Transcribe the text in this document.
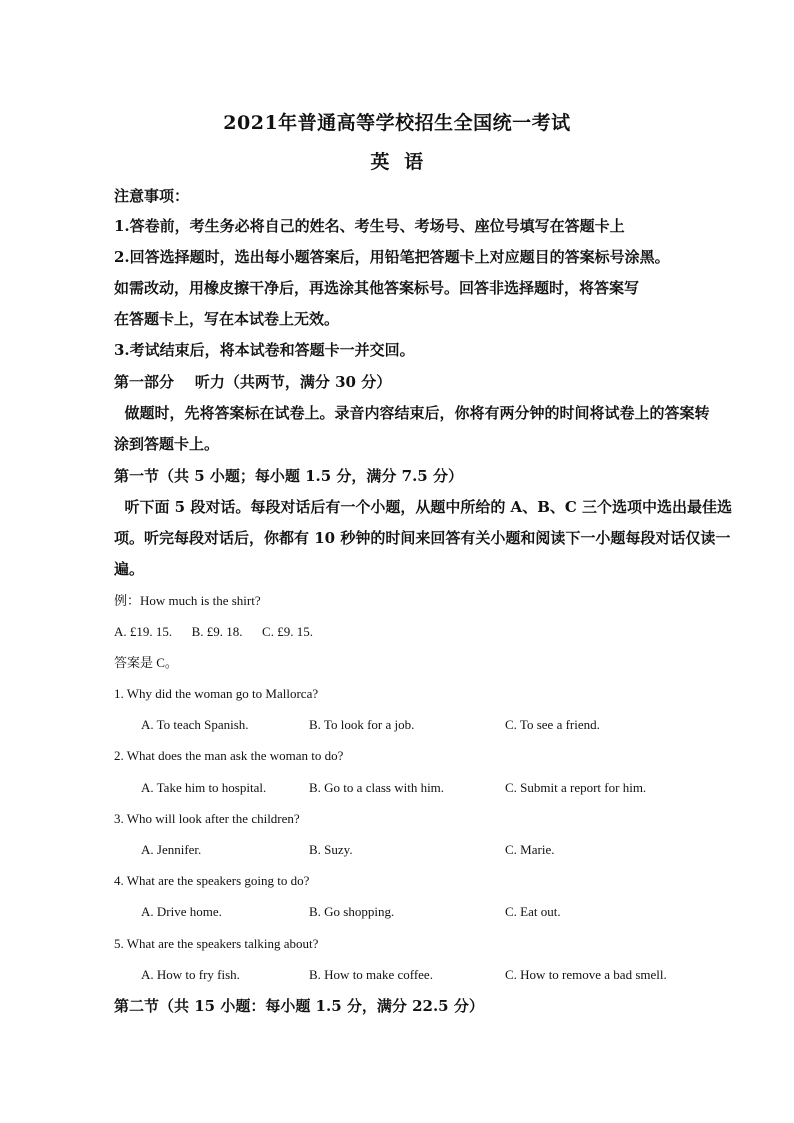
2021年普通高等学校招生全国统一考试
英  语
注意事项：
1.答卷前，考生务必将自己的姓名、考生号、考场号、座位号填写在答题卡上
2.回答选择题时，选出每小题答案后，用铅笔把答题卡上对应题目的答案标号涂黑。
如需改动，用橡皮擦干净后，再选涂其他答案标号。回答非选择题时，将答案写
在答题卡上，写在本试卷上无效。
3.考试结束后，将本试卷和答题卡一并交回。
第一部分    听力（共两节，满分 30 分）
做题时，先将答案标在试卷上。录音内容结束后，你将有两分钟的时间将试卷上的答案转
涂到答题卡上。
第一节（共 5 小题；每小题 1.5 分，满分 7.5 分）
听下面 5 段对话。每段对话后有一个小题，从题中所给的 A、B、C 三个选项中选出最佳选
项。听完每段对话后，你都有 10 秒钟的时间来回答有关小题和阅读下一小题每段对话仅读一
遍。
例：How much is the shirt?
A. £19. 15.      B. £9. 18.      C. £9. 15.
答案是 C。
1. Why did the woman go to Mallorca?
A. To teach Spanish.	B. To look for a job.	C. To see a friend.
2. What does the man ask the woman to do?
A. Take him to hospital.	B. Go to a class with him.	C. Submit a report for him.
3. Who will look after the children?
A. Jennifer.	B. Suzy.	C. Marie.
4. What are the speakers going to do?
A. Drive home.	B. Go shopping.	C. Eat out.
5. What are the speakers talking about?
A. How to fry fish.	B. How to make coffee.	C. How to remove a bad smell.
第二节（共 15 小题：每小题 1.5 分，满分 22.5 分）
